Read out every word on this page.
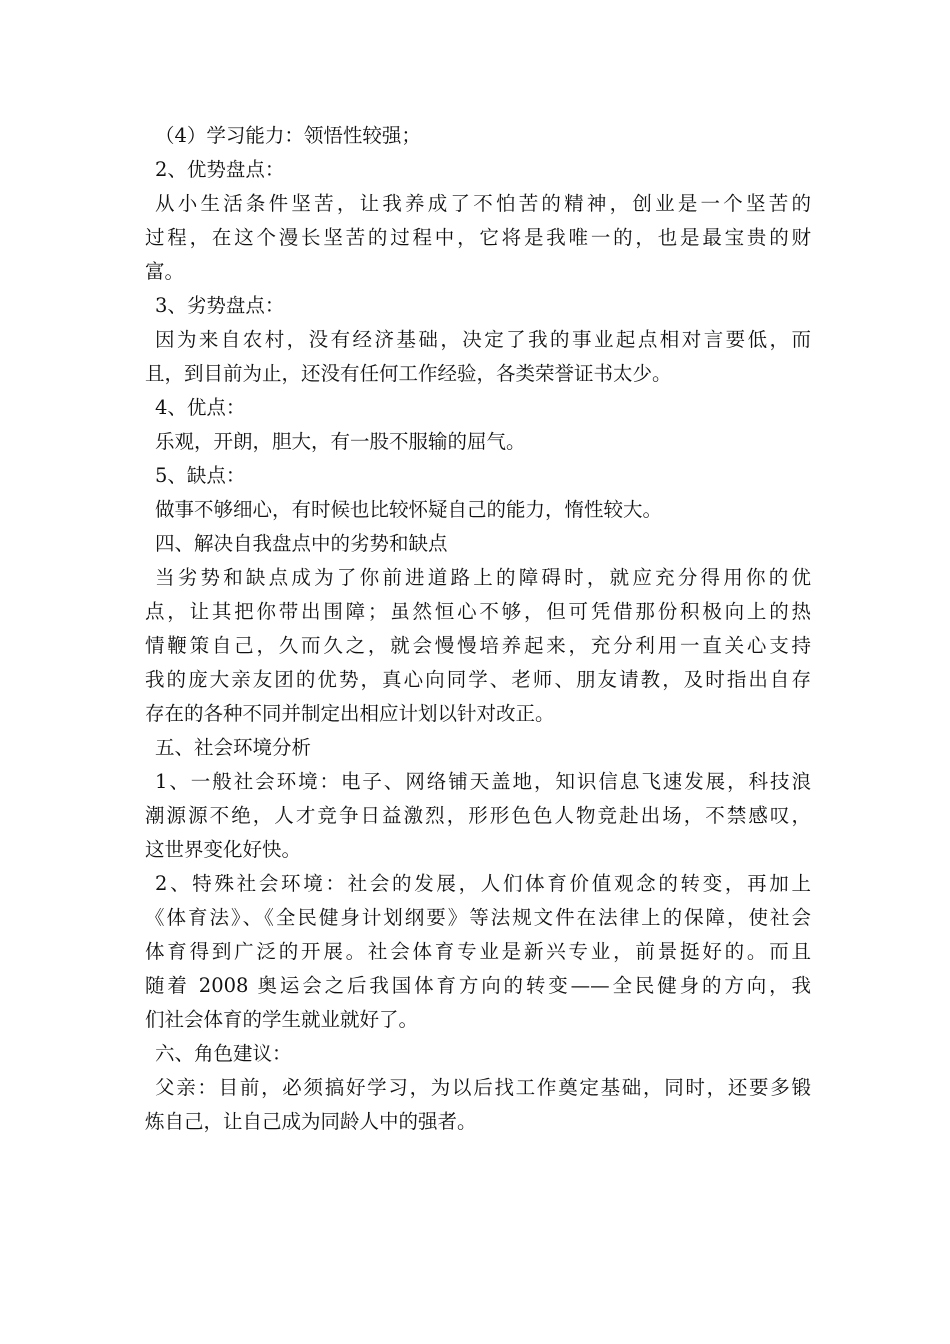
（4）学习能力：领悟性较强；
2、优势盘点：
从小生活条件坚苦，让我养成了不怕苦的精神，创业是一个坚苦的
过程，在这个漫长坚苦的过程中，它将是我唯一的，也是最宝贵的财
富。
3、劣势盘点：
因为来自农村，没有经济基础，决定了我的事业起点相对言要低，而
且，到目前为止，还没有任何工作经验，各类荣誉证书太少。
4、优点：
乐观，开朗，胆大，有一股不服输的屈气。
5、缺点：
做事不够细心，有时候也比较怀疑自己的能力，惰性较大。
四、解决自我盘点中的劣势和缺点
当劣势和缺点成为了你前进道路上的障碍时，就应充分得用你的优
点，让其把你带出围障；虽然恒心不够，但可凭借那份积极向上的热
情鞭策自己，久而久之，就会慢慢培养起来，充分利用一直关心支持
我的庞大亲友团的优势，真心向同学、老师、朋友请教，及时指出自存
存在的各种不同并制定出相应计划以针对改正。
五、社会环境分析
1、一般社会环境：电子、网络铺天盖地，知识信息飞速发展，科技浪
潮源源不绝，人才竞争日益激烈，形形色色人物竞赴出场，不禁感叹，
这世界变化好快。
2、特殊社会环境：社会的发展，人们体育价值观念的转变，再加上
《体育法》、《全民健身计划纲要》等法规文件在法律上的保障，使社会
体育得到广泛的开展。社会体育专业是新兴专业，前景挺好的。而且
随着 2008 奥运会之后我国体育方向的转变——全民健身的方向，我
们社会体育的学生就业就好了。
六、角色建议：
父亲：目前，必须搞好学习，为以后找工作奠定基础，同时，还要多锻
炼自己，让自己成为同龄人中的强者。
